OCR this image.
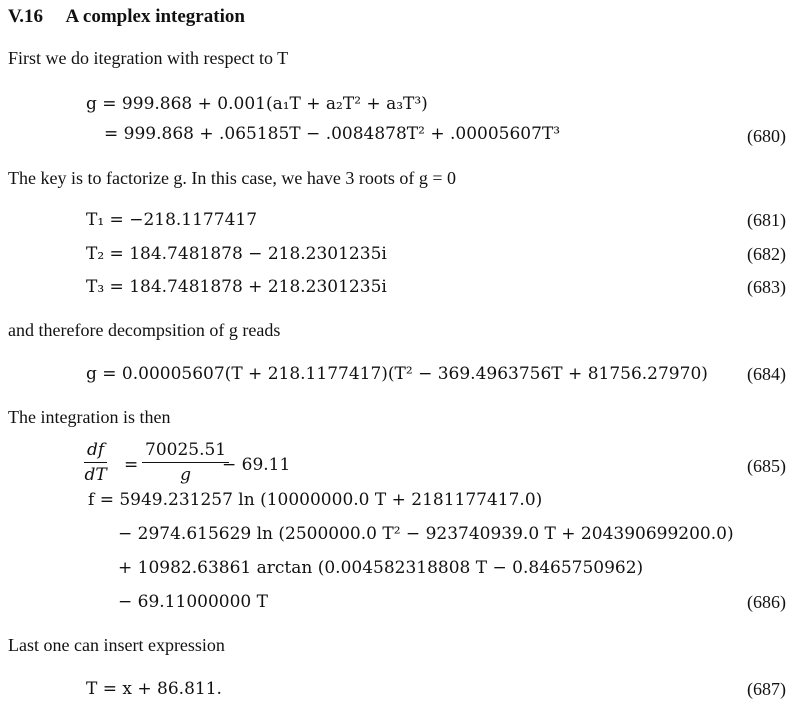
V.16 A complex integration
First we do itegration with respect to T
g = 999.868 + 0.001(a₁T + a₂T² + a₃T³)
= 999.868 + .065185T − .0084878T² + .00005607T³	(680)
The key is to factorize g. In this case, we have 3 roots of g = 0
T₁ = −218.1177417	(681)
T₂ = 184.7481878 − 218.2301235i	(682)
T₃ = 184.7481878 + 218.2301235i	(683)
and therefore decompsition of g reads
g = 0.00005607(T + 218.1177417)(T² − 369.4963756T + 81756.27970) (684)
The integration is then
$\frac{df}{dT} = \frac{70025.51}{g}$
− 69.11	(685)
f = 5949.231257 ln (10000000.0 T + 2181177417.0)
− 2974.615629 ln (2500000.0 T² − 923740939.0 T + 204390699200.0)
+ 10982.63861 arctan (0.004582318808 T − 0.8465750962)
− 69.11000000 T	(686)
Last one can insert expression
T = x + 86.811.	(687)
